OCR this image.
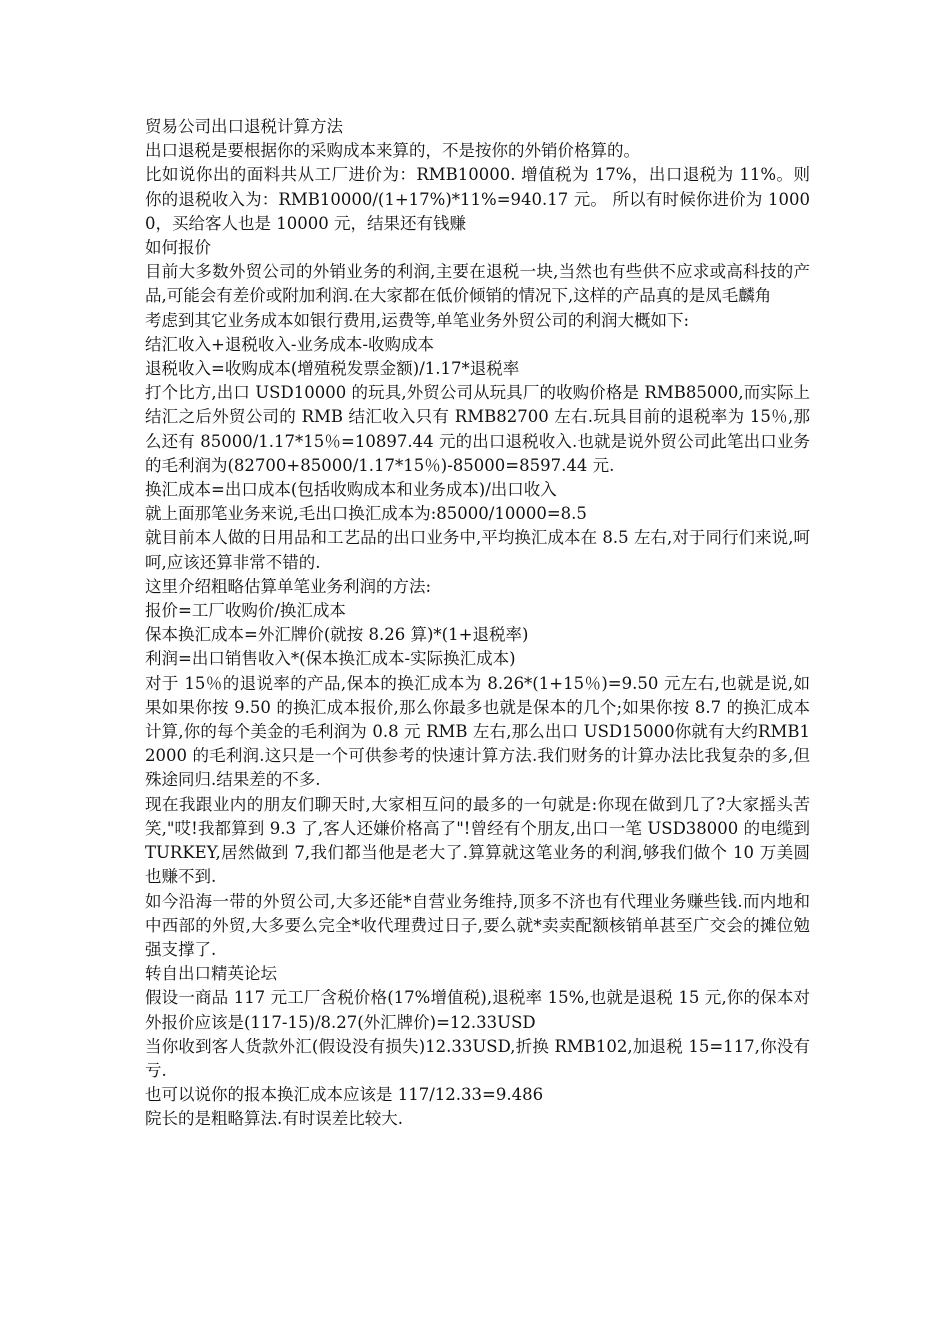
贸易公司出口退税计算方法

出口退税是要根据你的采购成本来算的，不是按你的外销价格算的。

比如说你出的面料共从工厂进价为：RMB10000. 增值税为 17%，出口退税为 11%。则你的退税收入为：RMB10000/(1+17%)*11%=940.17 元。 所以有时候你进价为 10000，买给客人也是 10000 元，结果还有钱赚

如何报价

目前大多数外贸公司的外销业务的利润,主要在退税一块,当然也有些供不应求或高科技的产品,可能会有差价或附加利润.在大家都在低价倾销的情况下,这样的产品真的是凤毛麟角

考虑到其它业务成本如银行费用,运费等,单笔业务外贸公司的利润大概如下:

结汇收入+退税收入-业务成本-收购成本

退税收入=收购成本(增殖税发票金额)/1.17*退税率

打个比方,出口 USD10000 的玩具,外贸公司从玩具厂的收购价格是 RMB85000,而实际上结汇之后外贸公司的 RMB 结汇收入只有 RMB82700 左右.玩具目前的退税率为 15％,那么还有 85000/1.17*15％=10897.44 元的出口退税收入.也就是说外贸公司此笔出口业务的毛利润为(82700+85000/1.17*15％)-85000=8597.44 元.

换汇成本=出口成本(包括收购成本和业务成本)/出口收入

就上面那笔业务来说,毛出口换汇成本为:85000/10000=8.5

就目前本人做的日用品和工艺品的出口业务中,平均换汇成本在 8.5 左右,对于同行们来说,呵呵,应该还算非常不错的.

这里介绍粗略估算单笔业务利润的方法:

报价=工厂收购价/换汇成本

保本换汇成本=外汇牌价(就按 8.26 算)*(1+退税率)

利润=出口销售收入*(保本换汇成本-实际换汇成本)

对于 15％的退说率的产品,保本的换汇成本为 8.26*(1+15％)=9.50 元左右,也就是说,如果如果你按 9.50 的换汇成本报价,那么你最多也就是保本的几个;如果你按 8.7 的换汇成本计算,你的每个美金的毛利润为 0.8 元 RMB 左右,那么出口 USD15000你就有大约RMB12000 的毛利润.这只是一个可供参考的快速计算方法.我们财务的计算办法比我复杂的多,但殊途同归.结果差的不多.

现在我跟业内的朋友们聊天时,大家相互问的最多的一句就是:你现在做到几了?大家摇头苦笑,"哎!我都算到 9.3 了,客人还嫌价格高了"!曾经有个朋友,出口一笔 USD38000 的电缆到 TURKEY,居然做到 7,我们都当他是老大了.算算就这笔业务的利润,够我们做个 10 万美圆也赚不到.

如今沿海一带的外贸公司,大多还能*自营业务维持,顶多不济也有代理业务赚些钱.而内地和中西部的外贸,大多要么完全*收代理费过日子,要么就*卖卖配额核销单甚至广交会的摊位勉强支撑了.

转自出口精英论坛

假设一商品 117 元工厂含税价格(17%增值税),退税率 15%,也就是退税 15 元,你的保本对外报价应该是(117-15)/8.27(外汇牌价)=12.33USD

当你收到客人货款外汇(假设没有损失)12.33USD,折换 RMB102,加退税 15=117,你没有亏.

也可以说你的报本换汇成本应该是 117/12.33=9.486

院长的是粗略算法.有时误差比较大.
